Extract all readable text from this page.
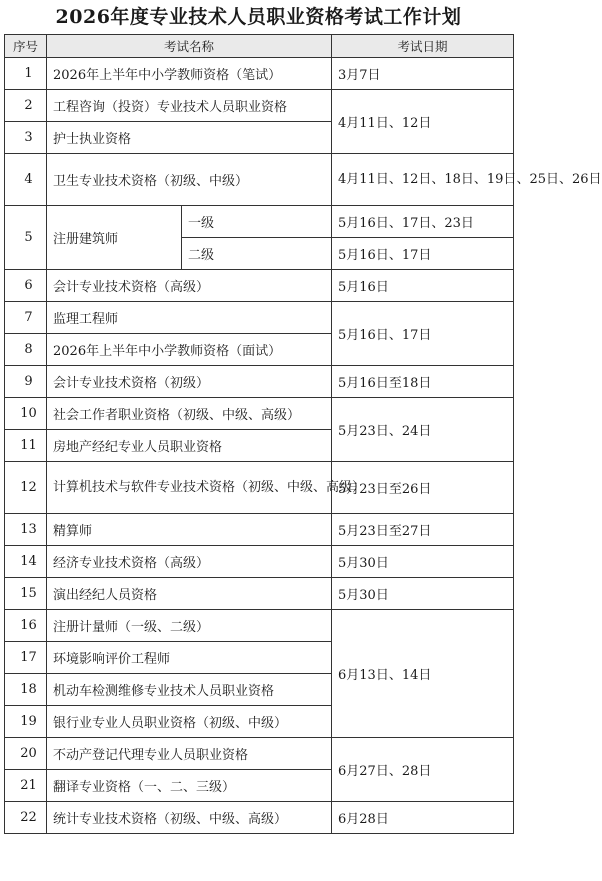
2026年度专业技术人员职业资格考试工作计划
序号	考试名称		考试日期
1	2026年上半年中小学教师资格（笔试）		3月7日
2	工程咨询（投资）专业技术人员职业资格		4月11日、12日
3	护士执业资格		
4	卫生专业技术资格（初级、中级）		4月11日、12日、18日、19日、25日、26日
5	注册建筑师	一级	5月16日、17日、23日
		二级	5月16日、17日
6	会计专业技术资格（高级）		5月16日
7	监理工程师		5月16日、17日
8	2026年上半年中小学教师资格（面试）		
9	会计专业技术资格（初级）		5月16日至18日
10	社会工作者职业资格（初级、中级、高级）		5月23日、24日
11	房地产经纪专业人员职业资格		
12	计算机技术与软件专业技术资格（初级、中级、高级）		5月23日至26日
13	精算师		5月23日至27日
14	经济专业技术资格（高级）		5月30日
15	演出经纪人员资格		5月30日
16	注册计量师（一级、二级）		6月13日、14日
17	环境影响评价工程师		
18	机动车检测维修专业技术人员职业资格		
19	银行业专业人员职业资格（初级、中级）		
20	不动产登记代理专业人员职业资格		6月27日、28日
21	翻译专业资格（一、二、三级）		
22	统计专业技术资格（初级、中级、高级）		6月28日
